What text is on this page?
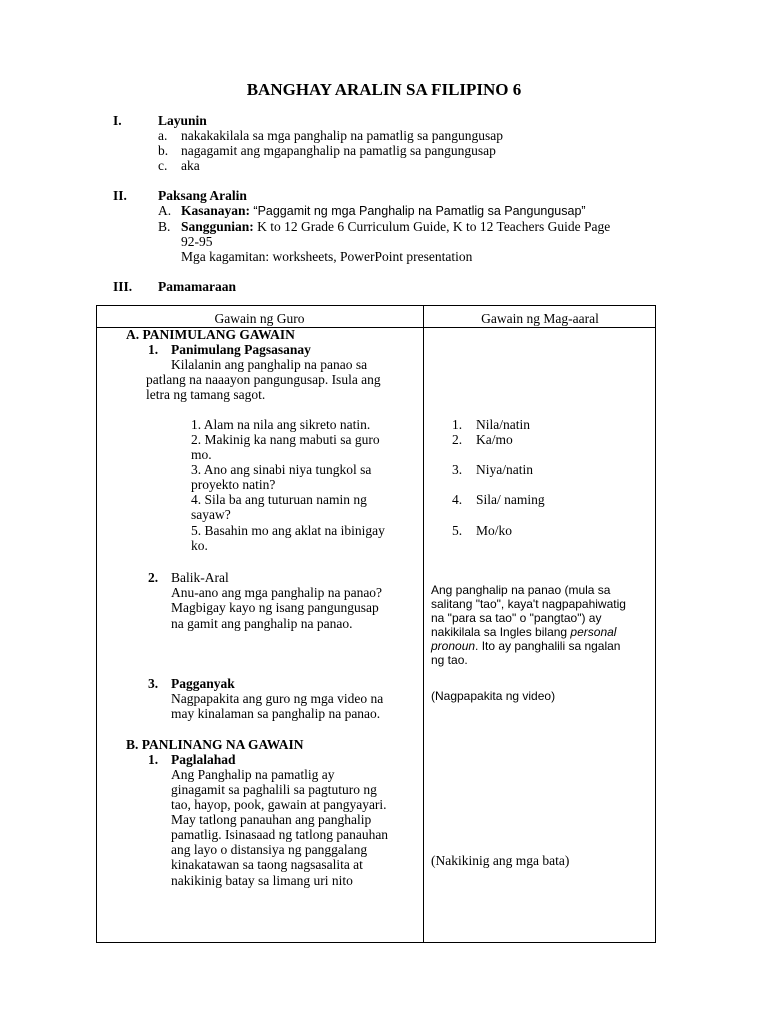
BANGHAY ARALIN SA FILIPINO 6
I.	Layunin
a. nakakakilala sa mga panghalip na pamatlig sa pangungusap
b. nagagamit ang mgapanghalip na pamatlig sa pangungusap
c. aka
II. Paksang Aralin
A. Kasanayan: “Paggamit ng mga Panghalip na Pamatlig sa Pangungusap”
B. Sanggunian: K to 12 Grade 6 Curriculum Guide, K to 12 Teachers Guide Page
92-95
Mga kagamitan: worksheets, PowerPoint presentation
III. Pamamaraan
Gawain ng Guro	Gawain ng Mag-aaral
A. PANIMULANG GAWAIN
1. Panimulang Pagsasanay
Kilalanin ang panghalip na panao sa
patlang na naaayon pangungusap. Isula ang
letra ng tamang sagot.
1. Alam na nila ang sikreto natin.
2. Makinig ka nang mabuti sa guro
mo.
3. Ano ang sinabi niya tungkol sa
proyekto natin?
4. Sila ba ang tuturuan namin ng
sayaw?
5. Basahin mo ang aklat na ibinigay
ko.
1. Nila/natin
2. Ka/mo
3. Niya/natin
4. Sila/ naming
5. Mo/ko
2. Balik-Aral
Anu-ano ang mga panghalip na panao?
Magbigay kayo ng isang pangungusap
na gamit ang panghalip na panao.
Ang panghalip na panao (mula sa
salitang "tao", kaya't nagpapahiwatig
na "para sa tao" o "pangtao") ay
nakikilala sa Ingles bilang personal
pronoun. Ito ay panghalili sa ngalan
ng tao.
3. Pagganyak
Nagpapakita ang guro ng mga video na
may kinalaman sa panghalip na panao.
(Nagpapakita ng video)
B. PANLINANG NA GAWAIN
1. Paglalahad
Ang Panghalip na pamatlig ay
ginagamit sa paghalili sa pagtuturo ng
tao, hayop, pook, gawain at pangyayari.
May tatlong panauhan ang panghalip
pamatlig. Isinasaad ng tatlong panauhan
ang layo o distansiya ng panggalang
kinakatawan sa taong nagsasalita at
nakikinig batay sa limang uri nito
(Nakikinig ang mga bata)
